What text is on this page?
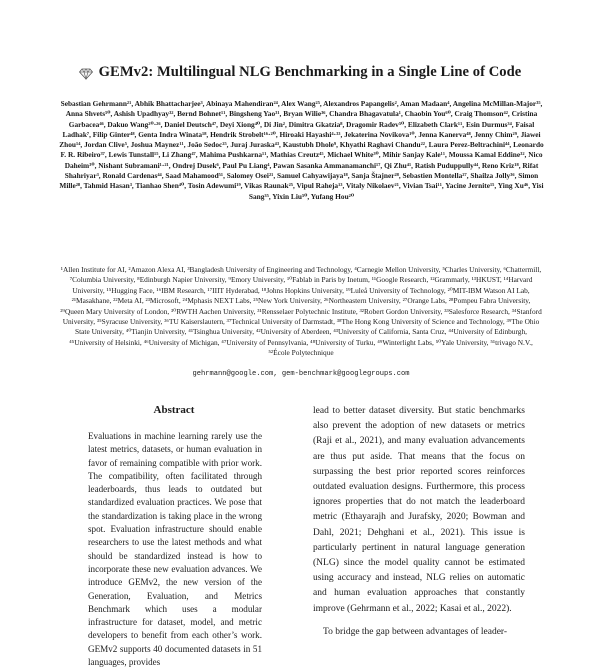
GEMv2: Multilingual NLG Benchmarking in a Single Line of Code
Sebastian Gehrmann²¹, Abhik Bhattacharjee³, Abinaya Mahendiran²⁴, Alex Wang²⁵, Alexandros Papangelis², Aman Madaan⁴, Angelina McMillan-Major³⁵, Anna Shvets⁵⁰, Ashish Upadhyay³², Bernd Bohnet¹¹, Bingsheng Yao³¹, Bryan Wilie³⁶, Chandra Bhagavatula¹, Chaobin You⁶⁰, Craig Thomson⁴², Cristina Garbacea⁴⁶, Dakuo Wang²⁰·²⁶, Daniel Deutsch⁴⁷, Deyi Xiong⁴⁰, Di Jin², Dimitra Gkatzia⁸, Dragomir Radev⁵⁰, Elizabeth Clark¹¹, Esin Durmus³⁴, Faisal Ladhak⁷, Filip Ginter⁴⁸, Genta Indra Winata¹⁸, Hendrik Strobelt¹⁶·²⁰, Hiroaki Hayashi⁴·³³, Jekaterina Novikova¹⁰, Jenna Kanerva⁴⁸, Jenny Chim²⁹, Jiawei Zhou¹⁴, Jordan Clive⁵, Joshua Maynez¹¹, João Sedoc²⁵, Juraj Juraska⁴³, Kaustubh Dhole⁹, Khyathi Raghavi Chandu²², Laura Perez-Beltrachini⁴⁴, Leonardo F. R. Ribeiro³⁷, Lewis Tunstall¹⁵, Li Zhang⁴⁷, Mahima Pushkarna¹¹, Mathias Creutz⁴⁵, Michael White³⁰, Mihir Sanjay Kale¹¹, Moussa Kamal Eddine³², Nico Daheim³⁰, Nishant Subramani¹·²¹, Ondrej Dusek⁶, Paul Pu Liang⁴, Pawan Sasanka Ammanamanchi¹⁷, Qi Zhu⁴¹, Ratish Puduppully⁴⁴, Reno Kriz¹⁸, Rifat Shahriyar³, Ronald Cardenas⁴⁴, Saad Mahamood⁵¹, Salomey Osei²¹, Samuel Cahyawijaya¹⁸, Sanja Štajner²⁸, Sebastien Montella²⁷, Shailza Jolly³⁶, Simon Mille²⁸, Tahmid Hasan³, Tianhao Shen⁴⁰, Tosin Adewumi¹⁹, Vikas Raunak²⁵, Vipul Raheja¹³, Vitaly Nikolaev²¹, Vivian Tsai¹¹, Yacine Jernite¹⁵, Ying Xu⁴⁶, Yisi Sang³⁵, Yixin Liu⁵⁰, Yufang Hou²⁰
¹Allen Institute for AI, ²Amazon Alexa AI, ³Bangladesh University of Engineering and Technology, ⁴Carnegie Mellon University, ⁵Charles University, ⁶Chattermill, ⁷Columbia University, ⁸Edinburgh Napier University, ⁹Emory University, ¹⁰Fablab in Paris by Inetum, ¹¹Google Research, ¹²Grammarly, ¹³HKUST, ¹⁴Harvard University, ¹⁵Hugging Face, ¹⁶IBM Research, ¹⁷IIIT Hyderabad, ¹⁸Johns Hopkins University, ¹⁹Luleå University of Technology, ²⁰MIT-IBM Watson AI Lab, ²¹Masakhane, ²²Meta AI, ²³Microsoft, ²⁴Mphasis NEXT Labs, ²⁵New York University, ²⁶Northeastern University, ²⁷Orange Labs, ²⁸Pompeu Fabra University, ²⁹Queen Mary University of London, ³⁰RWTH Aachen University, ³¹Rensselaer Polytechnic Institute, ³²Robert Gordon University, ³³Salesforce Research, ³⁴Stanford University, ³⁵Syracuse University, ³⁶TU Kaiserslautern, ³⁷Technical University of Darmstadt, ³⁸The Hong Kong University of Science and Technology, ³⁹The Ohio State University, ⁴⁰Tianjin University, ⁴¹Tsinghua University, ⁴²University of Aberdeen, ⁴³University of California, Santa Cruz, ⁴⁴University of Edinburgh, ⁴⁵University of Helsinki, ⁴⁶University of Michigan, ⁴⁷University of Pennsylvania, ⁴⁸University of Turku, ⁴⁹Winterlight Labs, ⁵⁰Yale University, ⁵¹trivago N.V., ⁵²École Polytechnique
gehrmann@google.com, gem-benchmark@googlegroups.com
Abstract
Evaluations in machine learning rarely use the latest metrics, datasets, or human evaluation in favor of remaining compatible with prior work. The compatibility, often facilitated through leaderboards, thus leads to outdated but standardized evaluation practices. We pose that the standardization is taking place in the wrong spot. Evaluation infrastructure should enable researchers to use the latest methods and what should be standardized instead is how to incorporate these new evaluation advances. We introduce GEMv2, the new version of the Generation, Evaluation, and Metrics Benchmark which uses a modular infrastructure for dataset, model, and metric developers to benefit from each other’s work. GEMv2 supports 40 documented datasets in 51 languages, provides

lead to better dataset diversity. But static benchmarks also prevent the adoption of new datasets or metrics (Raji et al., 2021), and many evaluation advancements are thus put aside. That means that the focus on surpassing the best prior reported scores reinforces outdated evaluation designs. Furthermore, this process ignores properties that do not match the leaderboard metric (Ethayarajh and Jurafsky, 2020; Bowman and Dahl, 2021; Dehghani et al., 2021). This issue is particularly pertinent in natural language generation (NLG) since the model quality cannot be estimated using accuracy and instead, NLG relies on automatic and human evaluation approaches that constantly improve (Gehrmann et al., 2022; Kasai et al., 2022).

To bridge the gap between advantages of leader-
